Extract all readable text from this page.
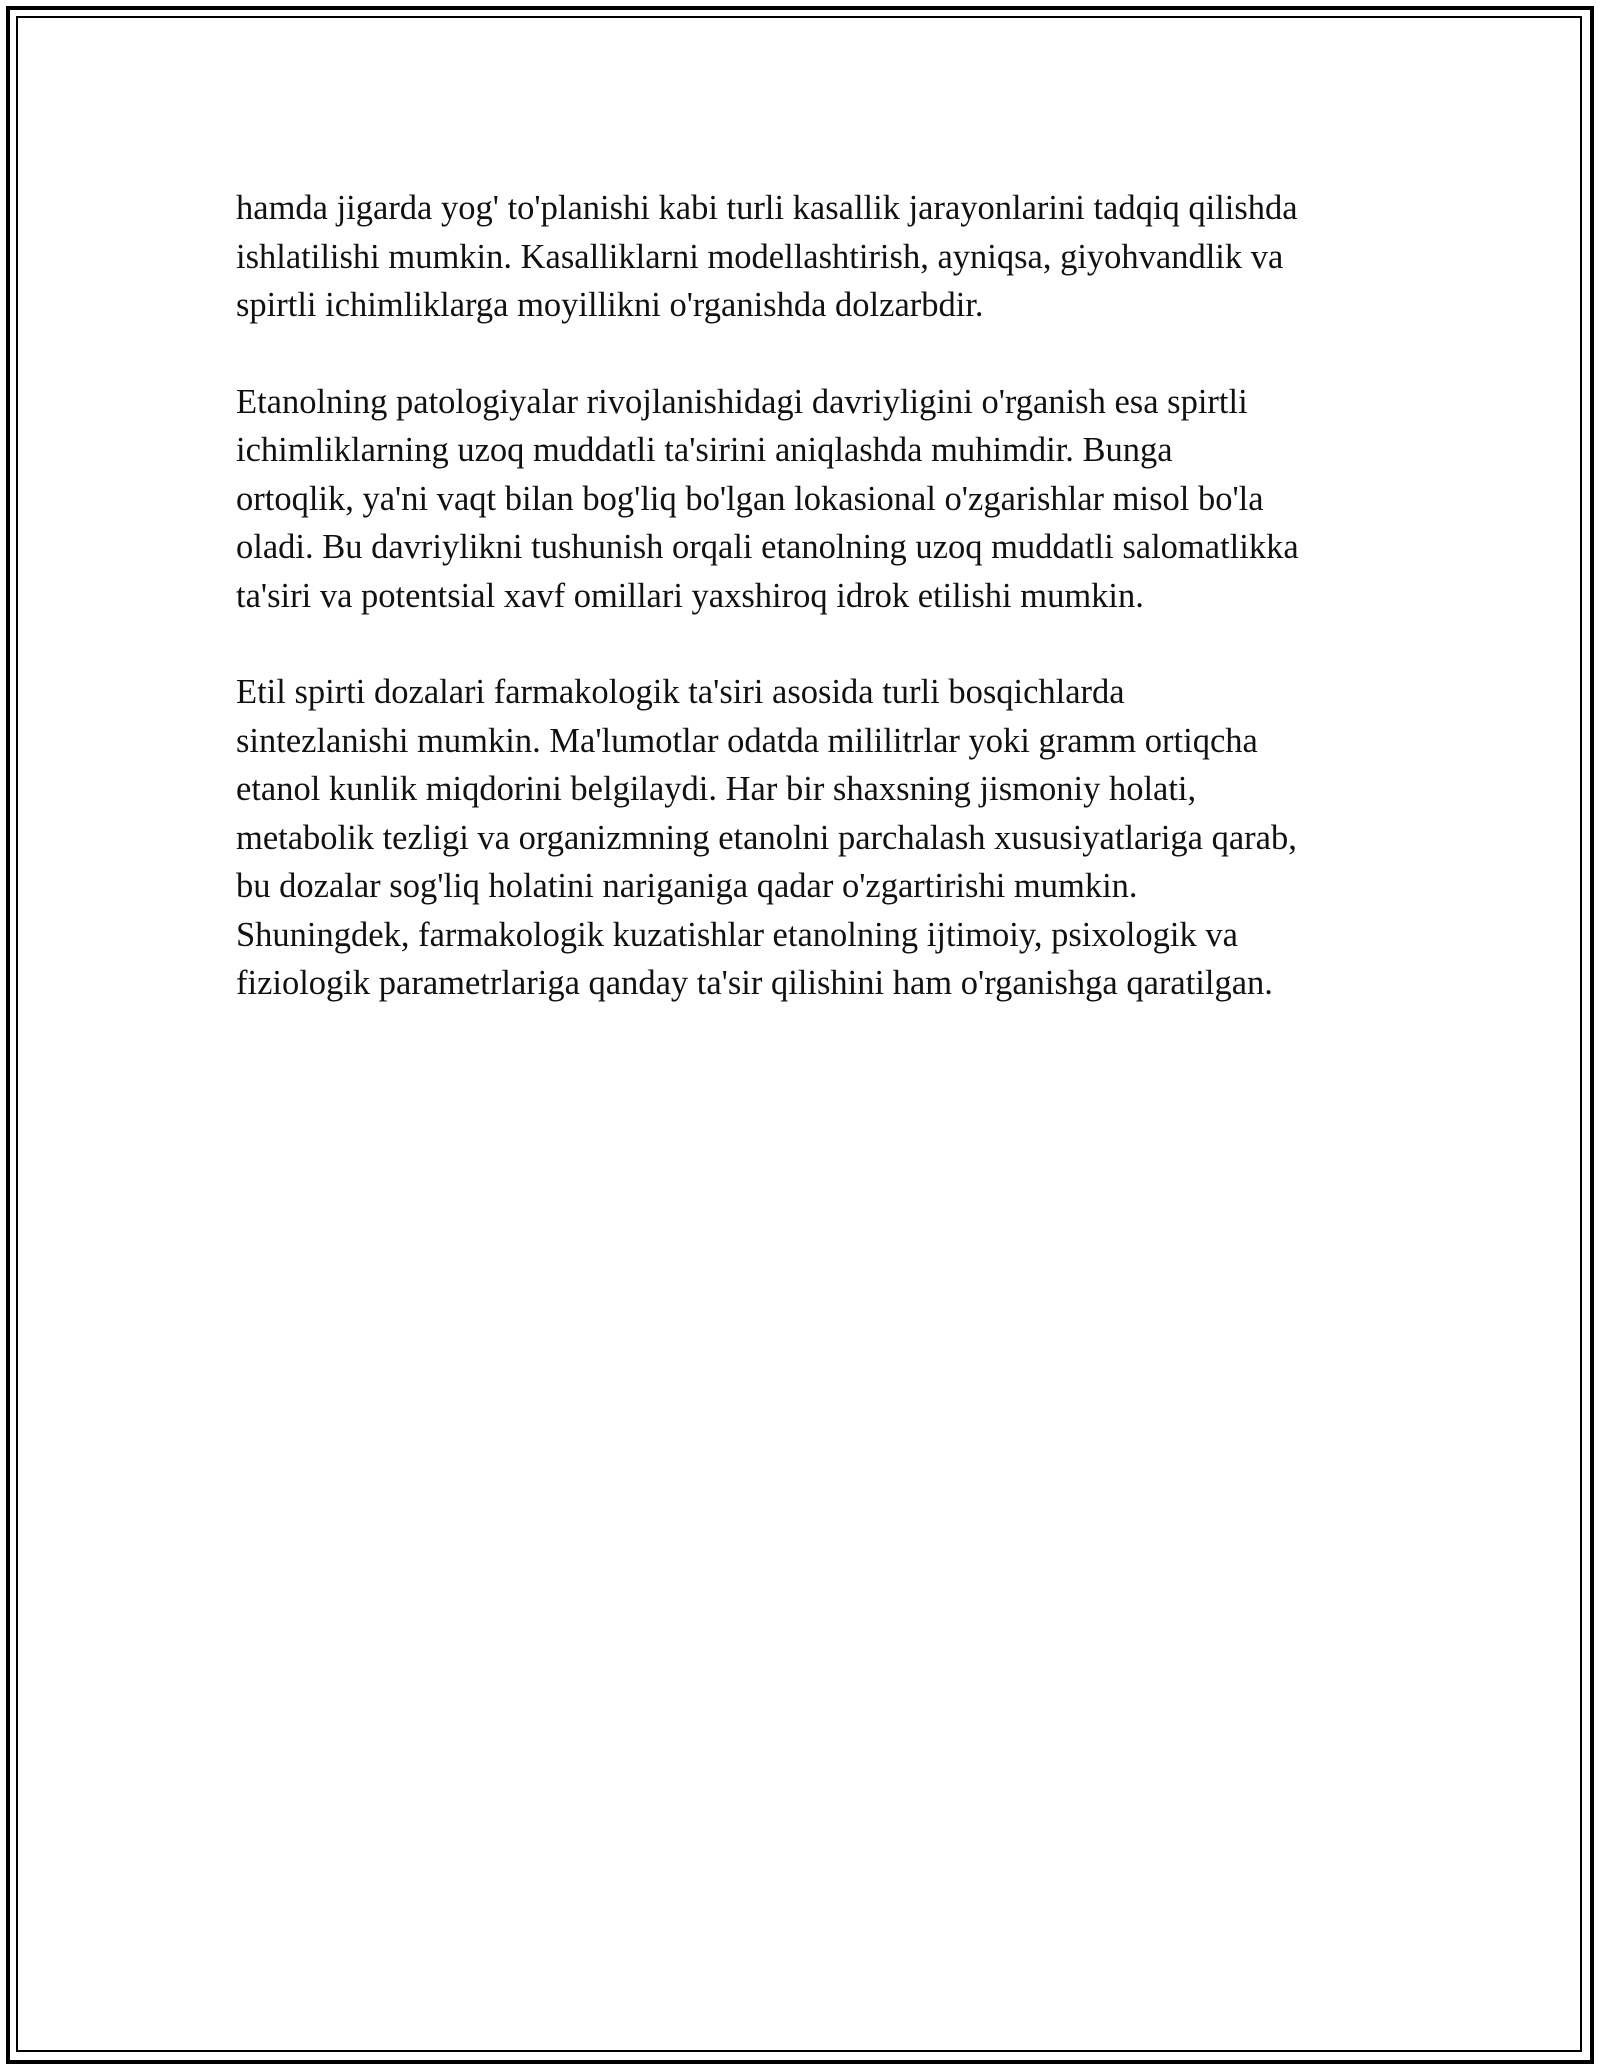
hamda jigarda yog' to'planishi kabi turli kasallik jarayonlarini tadqiq qilishda
ishlatilishi mumkin. Kasalliklarni modellashtirish, ayniqsa, giyohvandlik va
spirtli ichimliklarga moyillikni o'rganishda dolzarbdir.

Etanolning patologiyalar rivojlanishidagi davriyligini o'rganish esa spirtli
ichimliklarning uzoq muddatli ta'sirini aniqlashda muhimdir. Bunga
ortoqlik, ya'ni vaqt bilan bog'liq bo'lgan lokasional o'zgarishlar misol bo'la
oladi. Bu davriylikni tushunish orqali etanolning uzoq muddatli salomatlikka
ta'siri va potentsial xavf omillari yaxshiroq idrok etilishi mumkin.

Etil spirti dozalari farmakologik ta'siri asosida turli bosqichlarda
sintezlanishi mumkin. Ma'lumotlar odatda mililitrlar yoki gramm ortiqcha
etanol kunlik miqdorini belgilaydi. Har bir shaxsning jismoniy holati,
metabolik tezligi va organizmning etanolni parchalash xususiyatlariga qarab,
bu dozalar sog'liq holatini nariganiga qadar o'zgartirishi mumkin.
Shuningdek, farmakologik kuzatishlar etanolning ijtimoiy, psixologik va
fiziologik parametrlariga qanday ta'sir qilishini ham o'rganishga qaratilgan.
